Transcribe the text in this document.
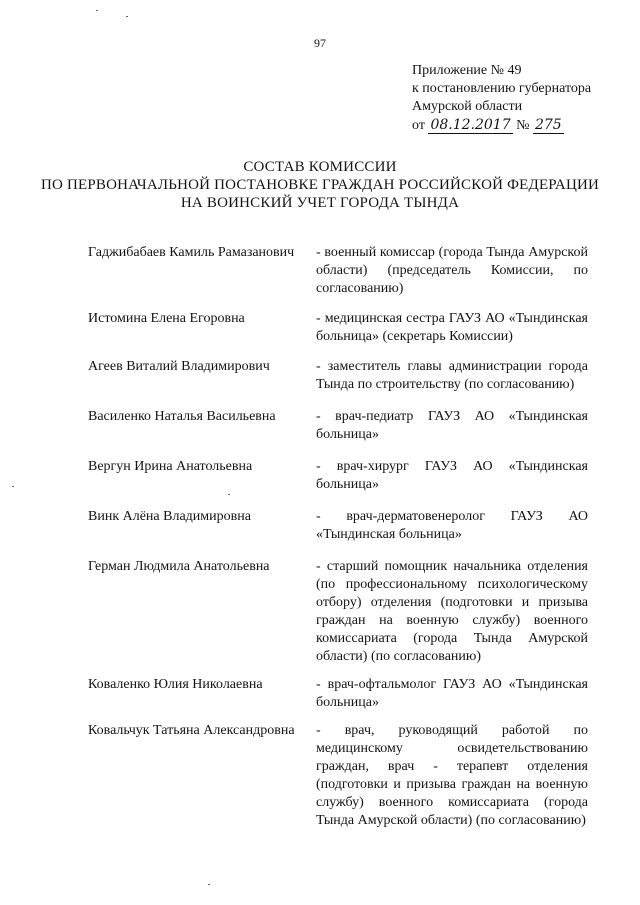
97
Приложение № 49
к постановлению губернатора
Амурской области
от 08.12.2017 № 275
СОСТАВ КОМИССИИ
ПО ПЕРВОНАЧАЛЬНОЙ ПОСТАНОВКЕ ГРАЖДАН РОССИЙСКОЙ ФЕДЕРАЦИИ
НА ВОИНСКИЙ УЧЕТ ГОРОДА ТЫНДА
Гаджибабаев Камиль Рамазанович	- военный комиссар (города Тында Амурской области) (председатель Комиссии, по согласованию)
Истомина Елена Егоровна	- медицинская сестра ГАУЗ АО «Тындинская больница» (секретарь Комиссии)
Агеев Виталий Владимирович	- заместитель главы администрации города Тында по строительству (по согласованию)
Василенко Наталья Васильевна	- врач-педиатр ГАУЗ АО «Тындинская больница»
Вергун Ирина Анатольевна	- врач-хирург ГАУЗ АО «Тындинская больница»
Винк Алёна Владимировна	- врач-дерматовенеролог ГАУЗ АО «Тындинская больница»
Герман Людмила Анатольевна	- старший помощник начальника отделения (по профессиональному психологическому отбору) отделения (подготовки и призыва граждан на военную службу) военного комиссариата (города Тында Амурской области) (по согласованию)
Коваленко Юлия Николаевна	- врач-офтальмолог ГАУЗ АО «Тындинская больница»
Ковальчук Татьяна Александровна	- врач, руководящий работой по медицинскому освидетельствованию граждан, врач - терапевт отделения (подготовки и призыва граждан на военную службу) военного комиссариата (города Тында Амурской области) (по согласованию)
